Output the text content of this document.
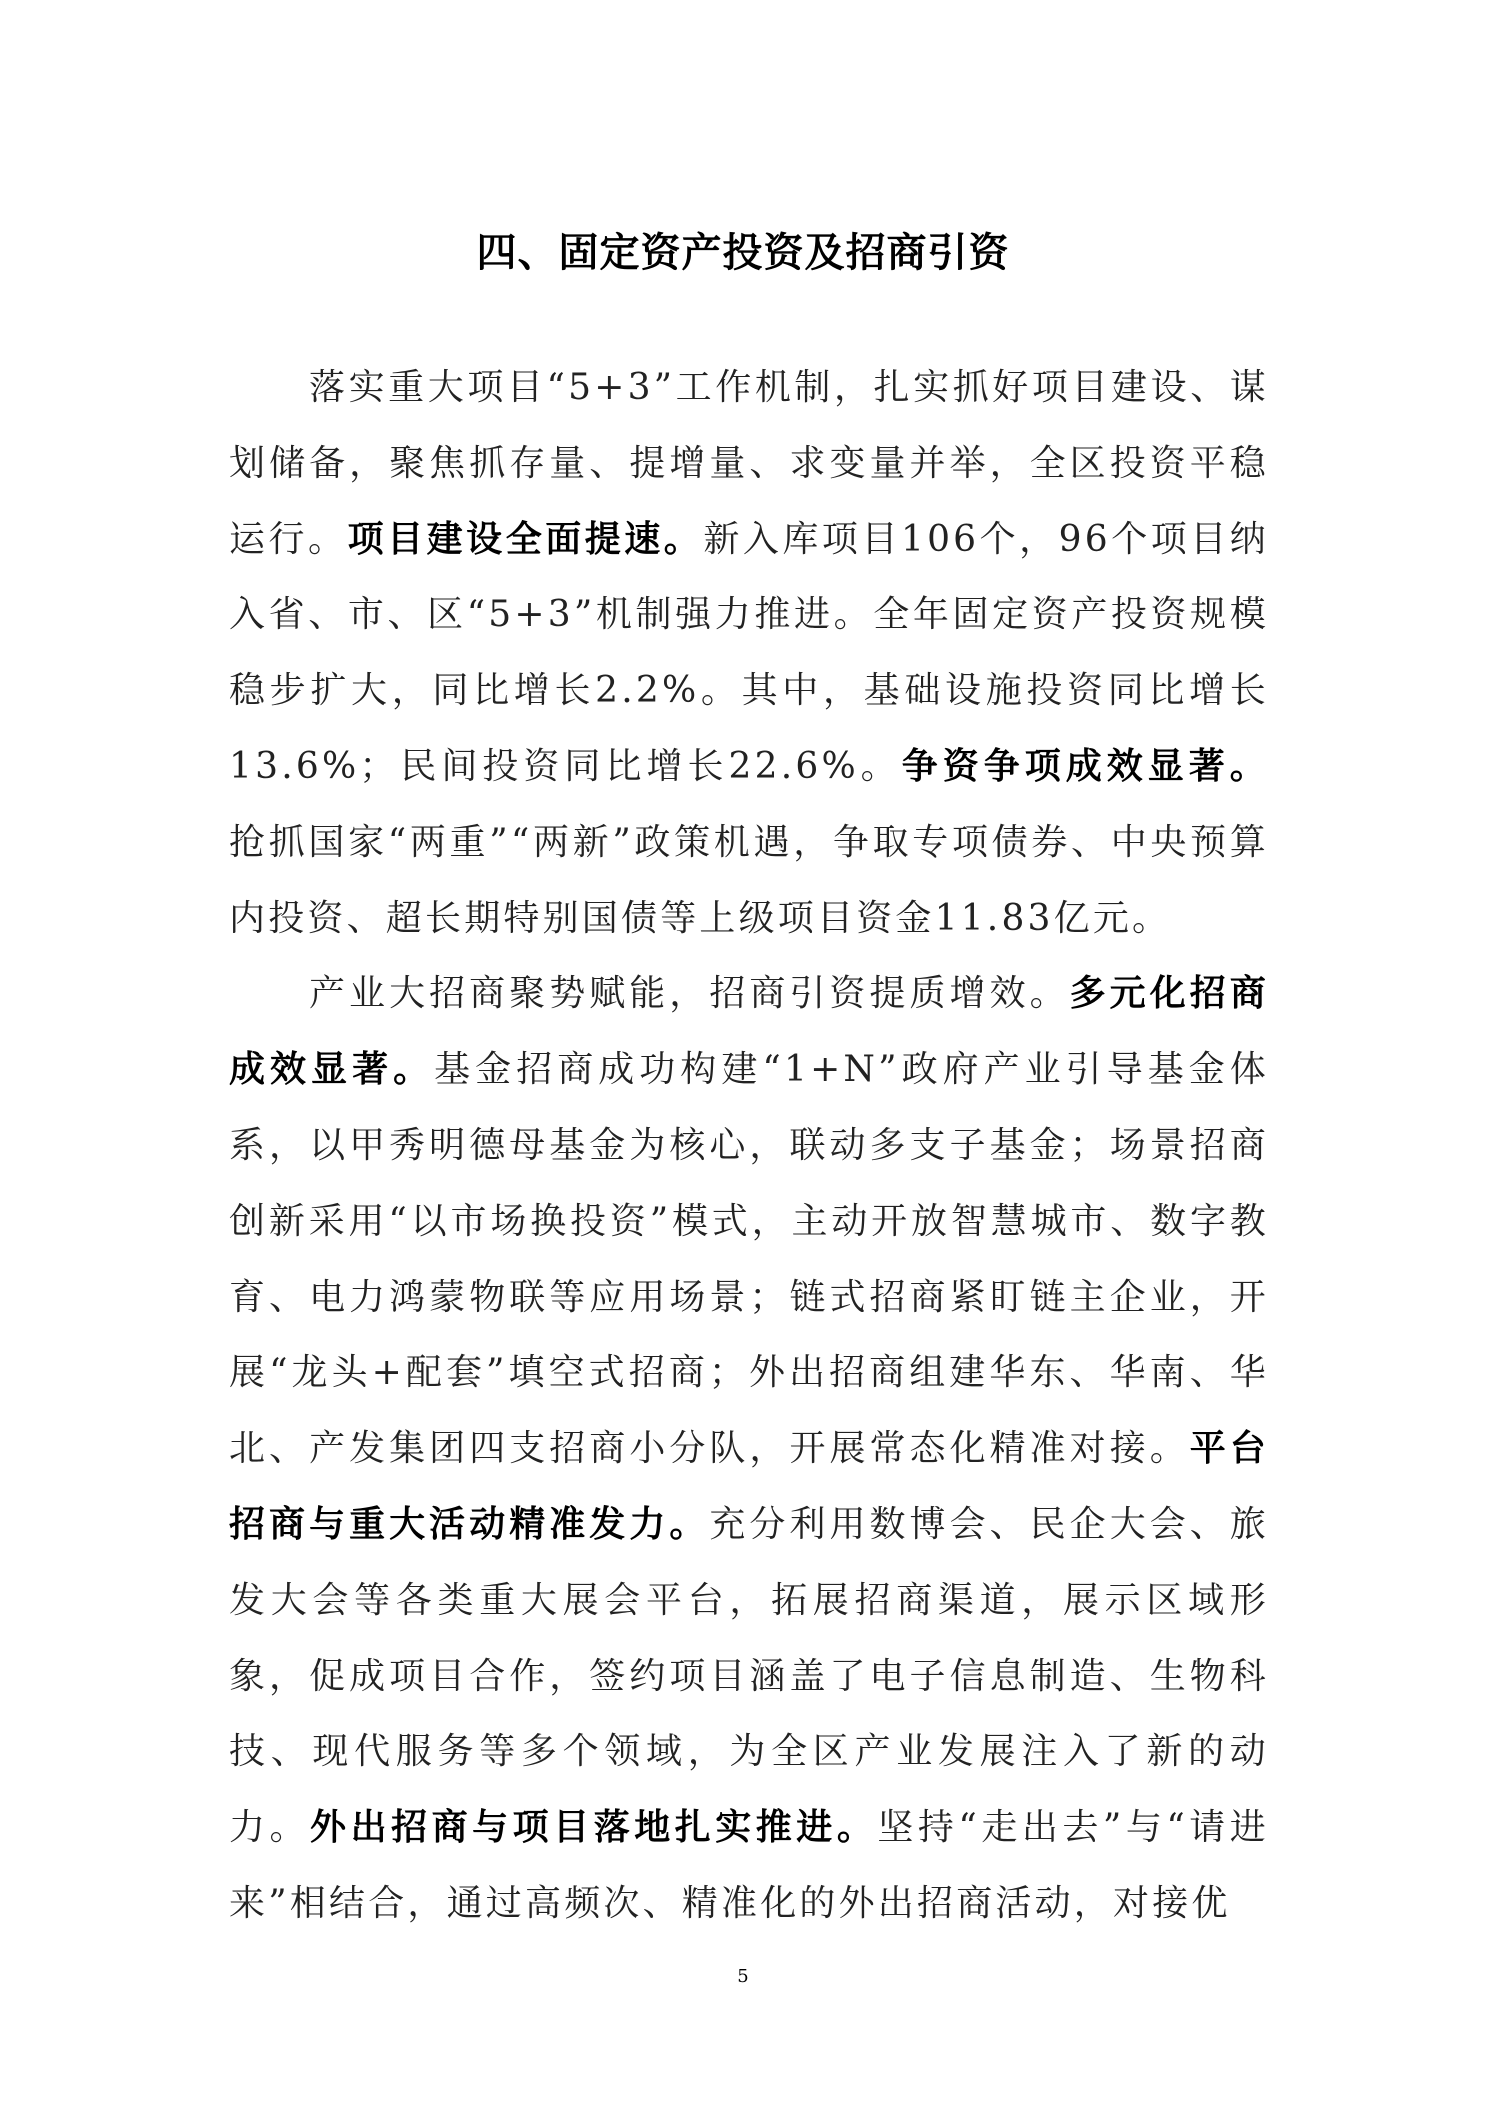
四、固定资产投资及招商引资

落实重大项目“5+3”工作机制，扎实抓好项目建设、谋划储备，聚焦抓存量、提增量、求变量并举，全区投资平稳运行。项目建设全面提速。新入库项目106个，96个项目纳入省、市、区“5+3”机制强力推进。全年固定资产投资规模稳步扩大，同比增长2.2%。其中，基础设施投资同比增长13.6%；民间投资同比增长22.6%。争资争项成效显著。抢抓国家“两重”“两新”政策机遇，争取专项债券、中央预算内投资、超长期特别国债等上级项目资金11.83亿元。

产业大招商聚势赋能，招商引资提质增效。多元化招商成效显著。基金招商成功构建“1+N”政府产业引导基金体系，以甲秀明德母基金为核心，联动多支子基金；场景招商创新采用“以市场换投资”模式，主动开放智慧城市、数字教育、电力鸿蒙物联等应用场景；链式招商紧盯链主企业，开展“龙头+配套”填空式招商；外出招商组建华东、华南、华北、产发集团四支招商小分队，开展常态化精准对接。平台招商与重大活动精准发力。充分利用数博会、民企大会、旅发大会等各类重大展会平台，拓展招商渠道，展示区域形象，促成项目合作，签约项目涵盖了电子信息制造、生物科技、现代服务等多个领域，为全区产业发展注入了新的动力。外出招商与项目落地扎实推进。坚持“走出去”与“请进来”相结合，通过高频次、精准化的外出招商活动，对接优

5
